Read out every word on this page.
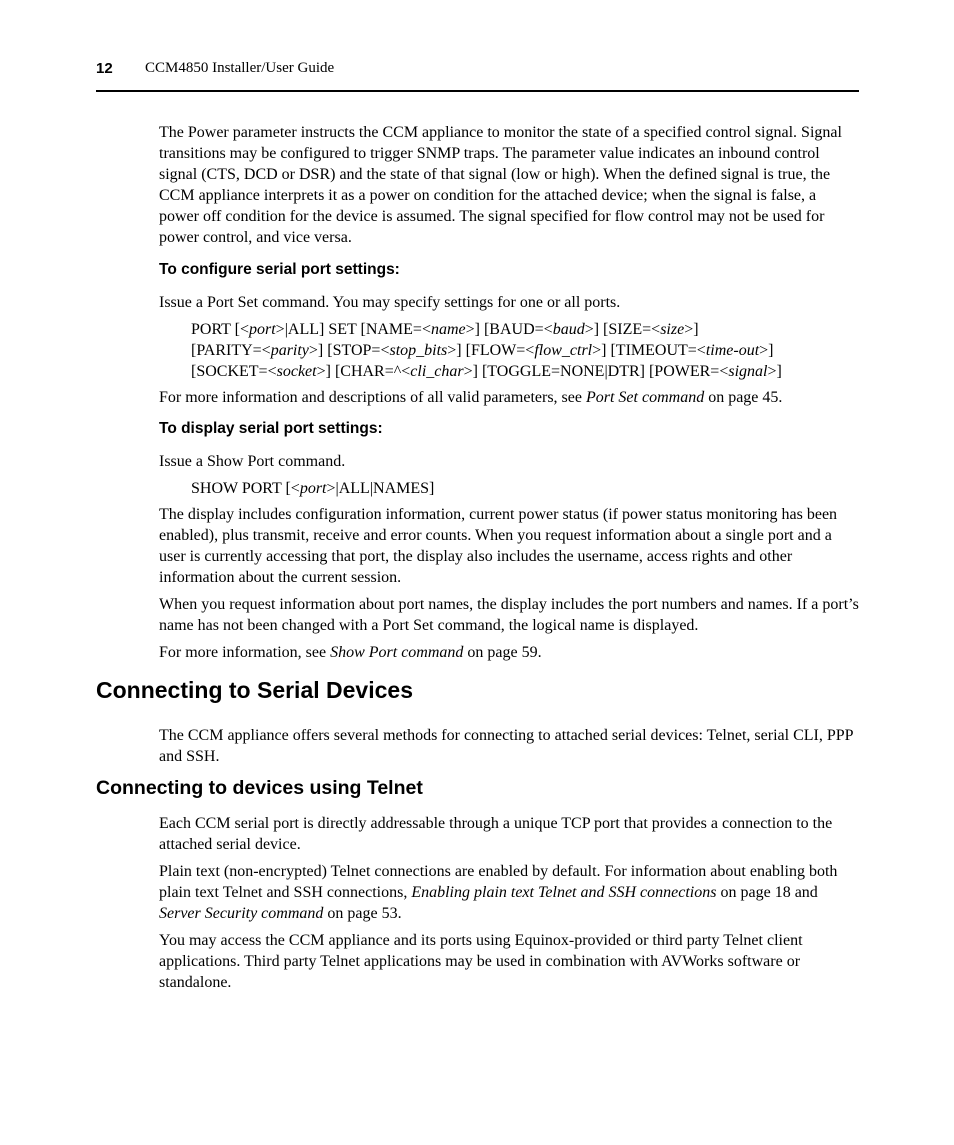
12 CCM4850 Installer/User Guide

The Power parameter instructs the CCM appliance to monitor the state of a specified control signal. Signal transitions may be configured to trigger SNMP traps. The parameter value indicates an inbound control signal (CTS, DCD or DSR) and the state of that signal (low or high). When the defined signal is true, the CCM appliance interprets it as a power on condition for the attached device; when the signal is false, a power off condition for the device is assumed. The signal specified for flow control may not be used for power control, and vice versa.

To configure serial port settings:

Issue a Port Set command. You may specify settings for one or all ports.

PORT [<port>|ALL] SET [NAME=<name>] [BAUD=<baud>] [SIZE=<size>]
[PARITY=<parity>] [STOP=<stop_bits>] [FLOW=<flow_ctrl>] [TIMEOUT=<time-out>]
[SOCKET=<socket>] [CHAR=^<cli_char>] [TOGGLE=NONE|DTR] [POWER=<signal>]

For more information and descriptions of all valid parameters, see Port Set command on page 45.

To display serial port settings:

Issue a Show Port command.

SHOW PORT [<port>|ALL|NAMES]

The display includes configuration information, current power status (if power status monitoring has been enabled), plus transmit, receive and error counts. When you request information about a single port and a user is currently accessing that port, the display also includes the username, access rights and other information about the current session.

When you request information about port names, the display includes the port numbers and names. If a port’s name has not been changed with a Port Set command, the logical name is displayed.

For more information, see Show Port command on page 59.

Connecting to Serial Devices

The CCM appliance offers several methods for connecting to attached serial devices: Telnet, serial CLI, PPP and SSH.

Connecting to devices using Telnet

Each CCM serial port is directly addressable through a unique TCP port that provides a connection to the attached serial device.

Plain text (non-encrypted) Telnet connections are enabled by default. For information about enabling both plain text Telnet and SSH connections, Enabling plain text Telnet and SSH connections on page 18 and Server Security command on page 53.

You may access the CCM appliance and its ports using Equinox-provided or third party Telnet client applications. Third party Telnet applications may be used in combination with AVWorks software or standalone.
